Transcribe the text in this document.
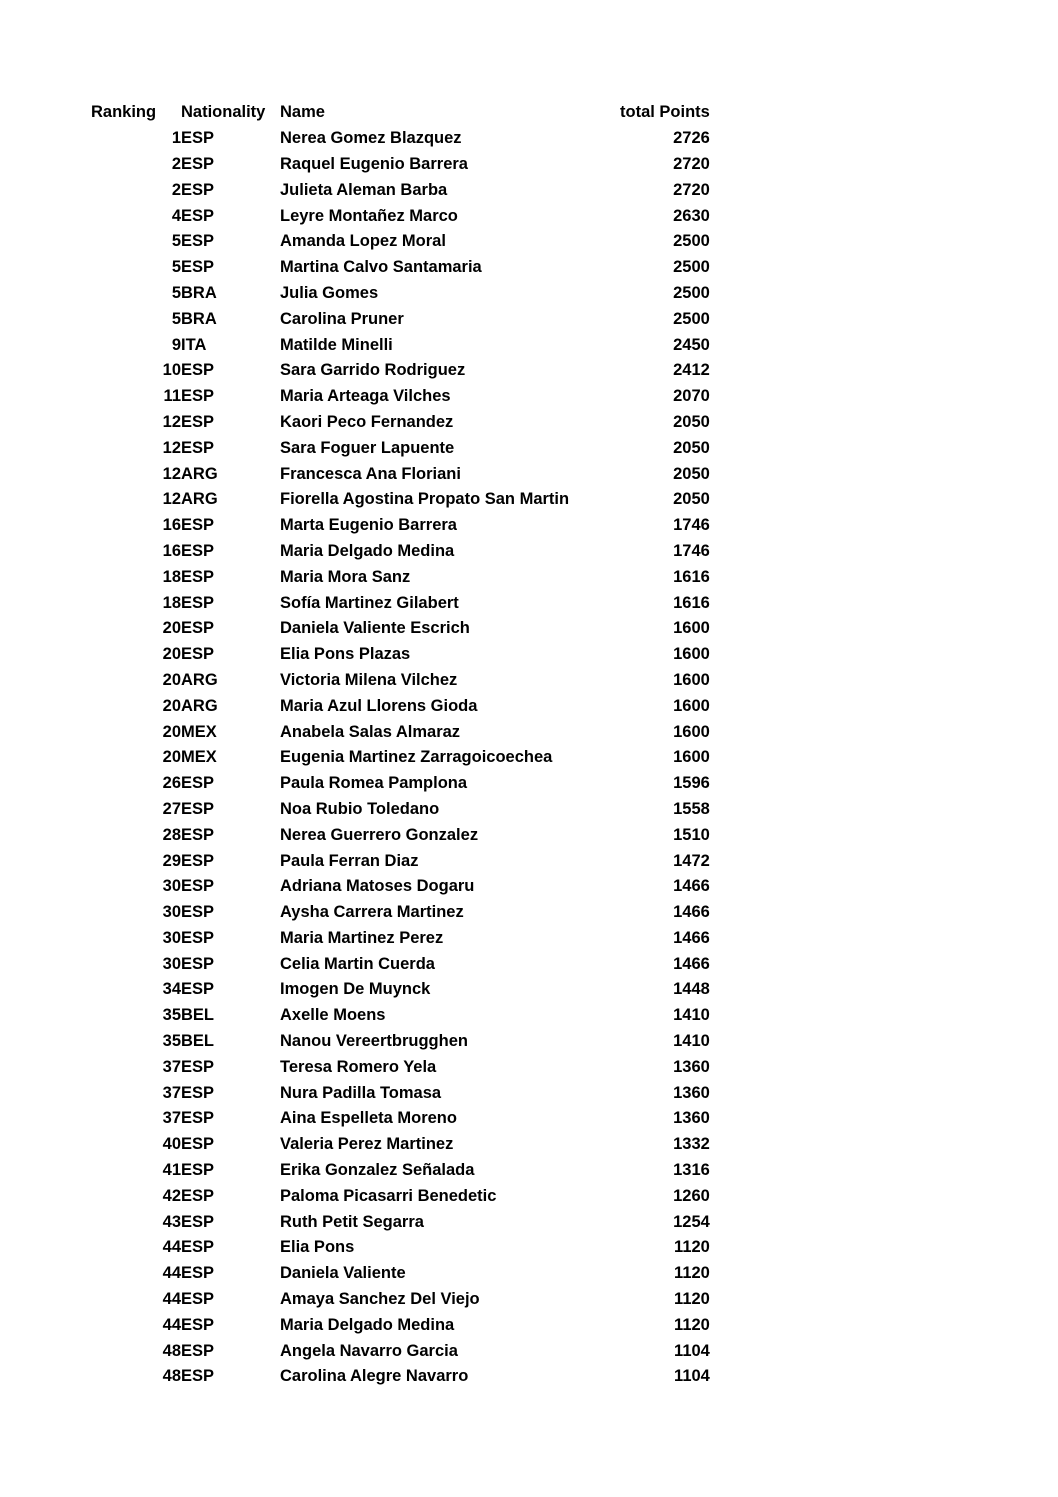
Ranking	Nationality	Name	total Points
1	ESP	Nerea Gomez Blazquez	2726
2	ESP	Raquel Eugenio Barrera	2720
2	ESP	Julieta Aleman Barba	2720
4	ESP	Leyre Montañez Marco	2630
5	ESP	Amanda Lopez Moral	2500
5	ESP	Martina Calvo Santamaria	2500
5	BRA	Julia Gomes	2500
5	BRA	Carolina Pruner	2500
9	ITA	Matilde Minelli	2450
10	ESP	Sara Garrido Rodriguez	2412
11	ESP	Maria Arteaga Vilches	2070
12	ESP	Kaori Peco Fernandez	2050
12	ESP	Sara Foguer Lapuente	2050
12	ARG	Francesca Ana Floriani	2050
12	ARG	Fiorella Agostina Propato San Martin	2050
16	ESP	Marta Eugenio Barrera	1746
16	ESP	Maria Delgado Medina	1746
18	ESP	Maria Mora Sanz	1616
18	ESP	Sofía Martinez Gilabert	1616
20	ESP	Daniela Valiente Escrich	1600
20	ESP	Elia Pons Plazas	1600
20	ARG	Victoria Milena Vilchez	1600
20	ARG	Maria Azul Llorens Gioda	1600
20	MEX	Anabela Salas Almaraz	1600
20	MEX	Eugenia Martinez Zarragoicoechea	1600
26	ESP	Paula Romea Pamplona	1596
27	ESP	Noa Rubio Toledano	1558
28	ESP	Nerea Guerrero Gonzalez	1510
29	ESP	Paula Ferran Diaz	1472
30	ESP	Adriana Matoses Dogaru	1466
30	ESP	Aysha Carrera Martinez	1466
30	ESP	Maria Martinez Perez	1466
30	ESP	Celia Martin Cuerda	1466
34	ESP	Imogen De Muynck	1448
35	BEL	Axelle Moens	1410
35	BEL	Nanou Vereertbrugghen	1410
37	ESP	Teresa Romero Yela	1360
37	ESP	Nura Padilla Tomasa	1360
37	ESP	Aina Espelleta Moreno	1360
40	ESP	Valeria Perez Martinez	1332
41	ESP	Erika Gonzalez Señalada	1316
42	ESP	Paloma Picasarri Benedetic	1260
43	ESP	Ruth Petit Segarra	1254
44	ESP	Elia Pons	1120
44	ESP	Daniela Valiente	1120
44	ESP	Amaya Sanchez Del Viejo	1120
44	ESP	Maria Delgado Medina	1120
48	ESP	Angela Navarro Garcia	1104
48	ESP	Carolina Alegre Navarro	1104
